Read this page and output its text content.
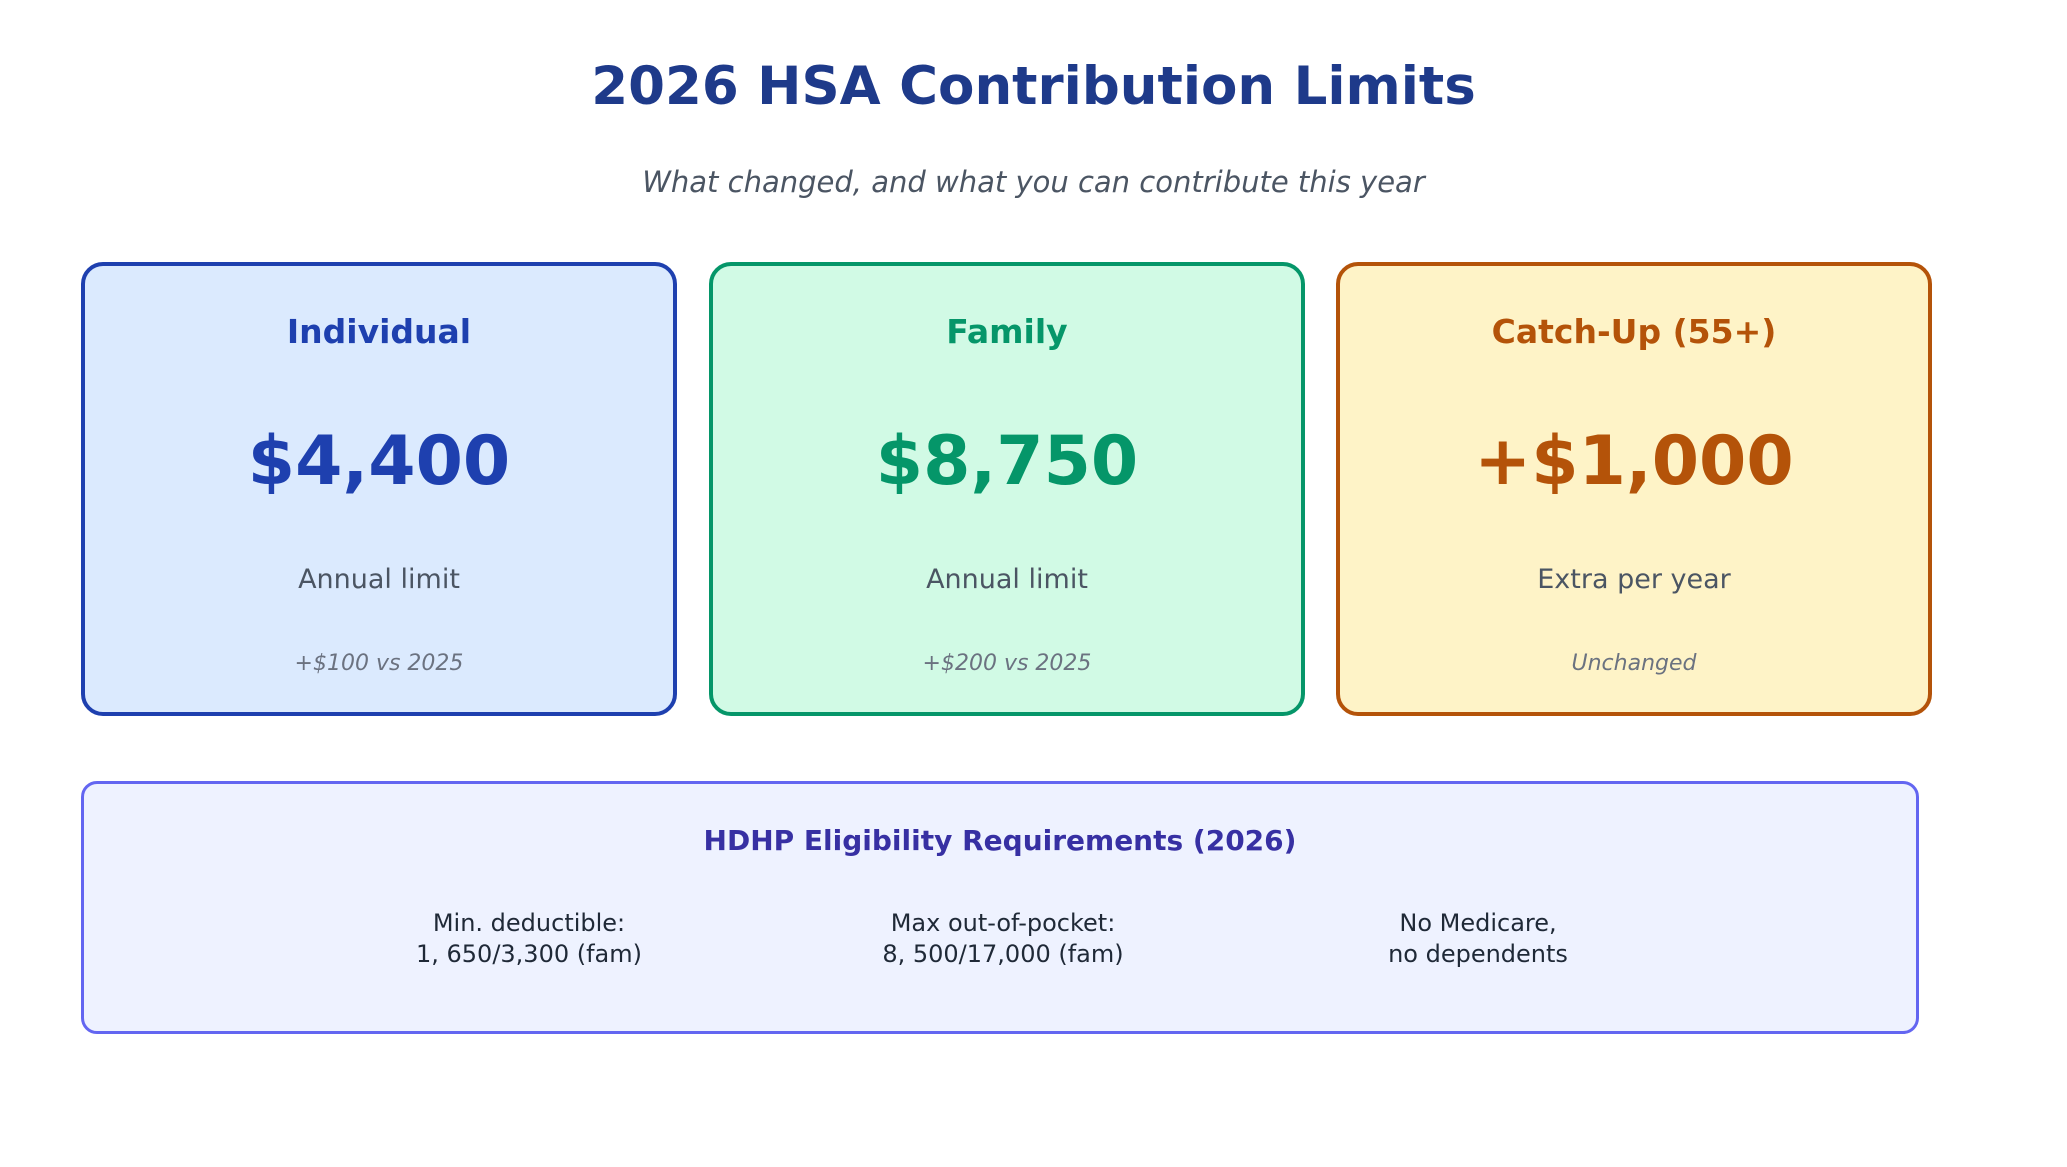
2026 HSA Contribution Limits
What changed, and what you can contribute this year
Individual
$4,400
Annual limit
+$100 vs 2025
Family
$8,750
Annual limit
+$200 vs 2025
Catch-Up (55+)
+$1,000
Extra per year
Unchanged
HDHP Eligibility Requirements (2026)
Min. deductible:
1, 650/3,300 (fam)
Max out-of-pocket:
8, 500/17,000 (fam)
No Medicare,
no dependents
